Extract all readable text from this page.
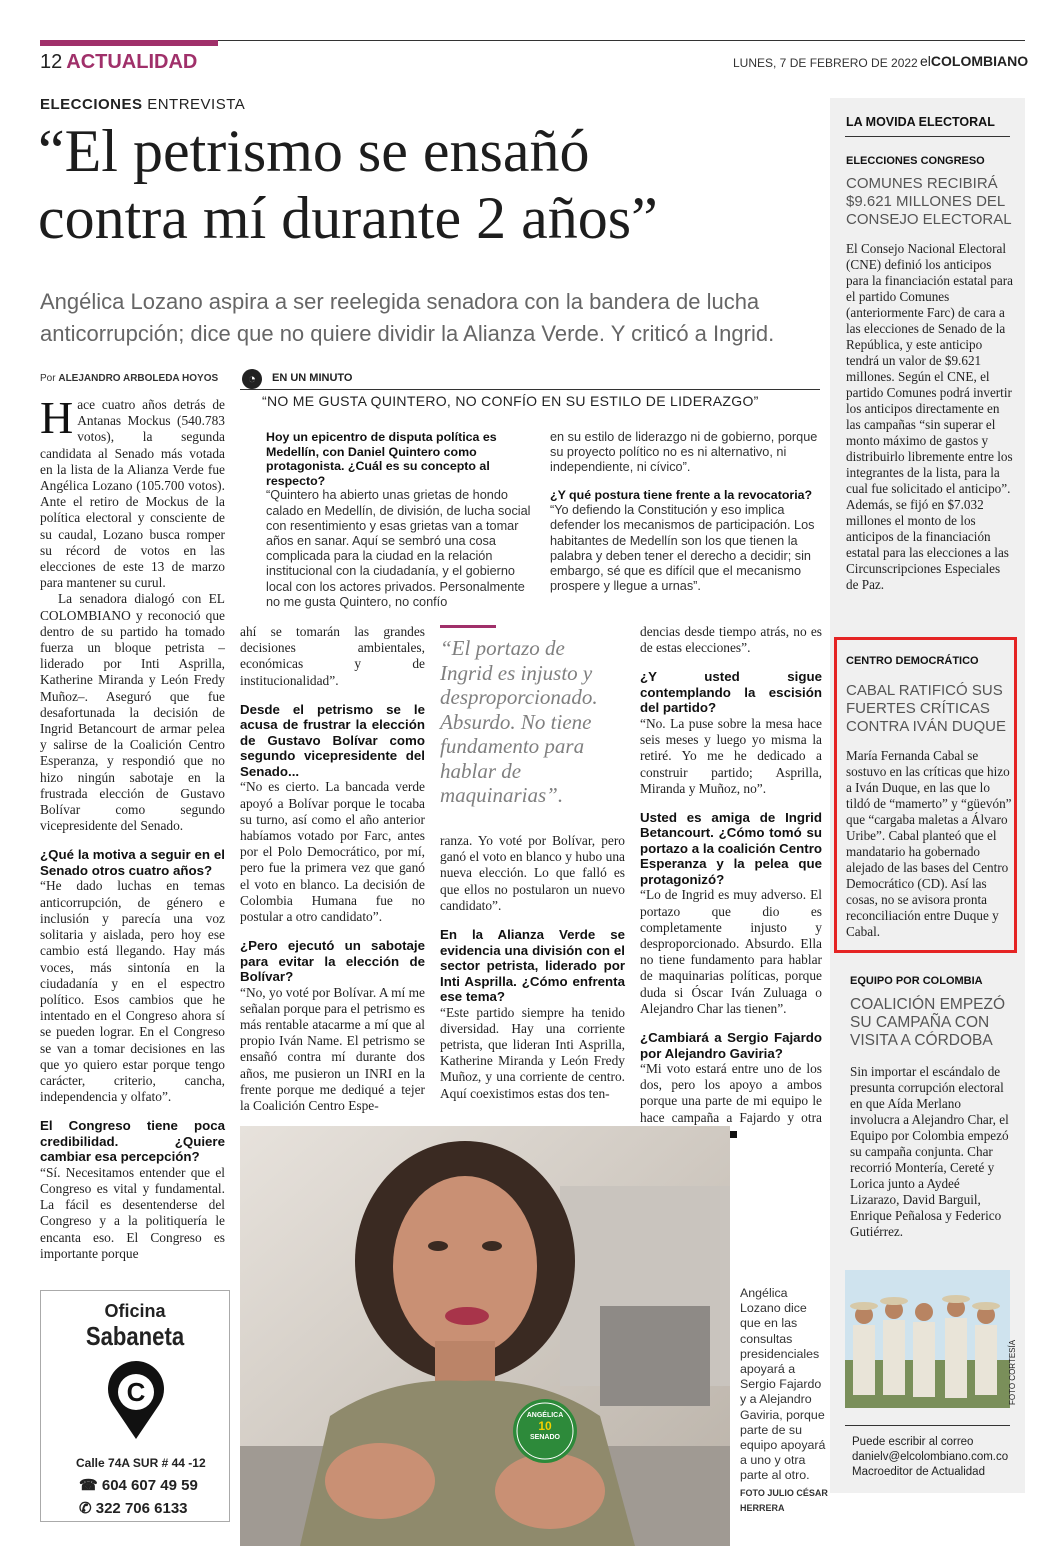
12 ACTUALIDAD	LUNES, 7 DE FEBRERO DE 2022 elCOLOMBIANO
ELECCIONES ENTREVISTA
“El petrismo se ensañó
contra mí durante 2 años”
Angélica Lozano aspira a ser reelegida senadora con la bandera de lucha anticorrupción; dice que no quiere dividir la Alianza Verde. Y criticó a Ingrid.
Por ALEJANDRO ARBOLEDA HOYOS

Hace cuatro años detrás de Antanas Mockus (540.783 votos), la segunda candidata al Senado más votada en la lista de la Alianza Verde fue Angélica Lozano (105.700 votos). Ante el retiro de Mockus de la política electoral y consciente de su caudal, Lozano busca romper su récord de votos en las elecciones de este 13 de marzo para mantener su curul.

La senadora dialogó con EL COLOMBIANO y reconoció que dentro de su partido ha tomado fuerza un bloque petrista –liderado por Inti Asprilla, Katherine Miranda y León Fredy Muñoz–. Aseguró que fue desafortunada la decisión de Ingrid Betancourt de armar pelea y salirse de la Coalición Centro Esperanza, y respondió que no hizo ningún sabotaje en la frustrada elección de Gustavo Bolívar como segundo vicepresidente del Senado.

¿Qué la motiva a seguir en el Senado otros cuatro años?

“He dado luchas en temas anticorrupción, de género e inclusión y parecía una voz solitaria y aislada, pero hoy ese cambio está llegando. Hay más voces, más sintonía en la ciudadanía y en el espectro político. Esos cambios que he intentado en el Congreso ahora sí se pueden lograr. En el Congreso se van a tomar decisiones en las que yo quiero estar porque tengo carácter, criterio, cancha, independencia y olfato”.

El Congreso tiene poca credibilidad. ¿Quiere cambiar esa percepción?

“Sí. Necesitamos entender que el Congreso es vital y fundamental. La fácil es desentenderse del Congreso y a la politiquería le encanta eso. El Congreso es importante porque

◔	EN UN MINUTO
“NO ME GUSTA QUINTERO, NO CONFÍO EN SU ESTILO DE LIDERAZGO”

Hoy un epicentro de disputa política es Medellín, con Daniel Quintero como protagonista. ¿Cuál es su concepto al respecto?

“Quintero ha abierto unas grietas de hondo calado en Medellín, de división, de lucha social con resentimiento y esas grietas van a tomar años en sanar. Aquí se sembró una cosa complicada para la ciudad en la relación institucional con la ciudadanía, y el gobierno local con los actores privados. Personalmente no me gusta Quintero, no confío

en su estilo de liderazgo ni de gobierno, porque su proyecto político no es ni alternativo, ni independiente, ni cívico”.

¿Y qué postura tiene frente a la revocatoria?

“Yo defiendo la Constitución y eso implica defender los mecanismos de participación. Los habitantes de Medellín son los que tienen la palabra y deben tener el derecho a decidir; sin embargo, sé que es difícil que el mecanismo prospere y llegue a urnas”.

ahí se tomarán las grandes decisiones ambientales, económicas y de institucionalidad”.

Desde el petrismo se le acusa de frustrar la elección de Gustavo Bolívar como segundo vicepresidente del Senado...

“No es cierto. La bancada verde apoyó a Bolívar porque le tocaba su turno, así como el año anterior habíamos votado por Farc, antes por el Polo Democrático, por mí, pero fue la primera vez que ganó el voto en blanco. La decisión de Colombia Humana fue no postular a otro candidato”.

¿Pero ejecutó un sabotaje para evitar la elección de Bolívar?

“No, yo voté por Bolívar. A mí me señalan porque para el petrismo es más rentable atacarme a mí que al propio Iván Name. El petrismo se ensañó contra mí durante dos años, me pusieron un INRI en la frente porque me dediqué a tejer la Coalición Centro Espe-

“El portazo de Ingrid es injusto y desproporcionado. Absurdo. No tiene fundamento para hablar de maquinarias”.

ranza. Yo voté por Bolívar, pero ganó el voto en blanco y hubo una nueva elección. Lo que falló es que ellos no postularon un nuevo candidato”.

En la Alianza Verde se evidencia una división con el sector petrista, liderado por Inti Asprilla. ¿Cómo enfrenta ese tema?

“Este partido siempre ha tenido diversidad. Hay una corriente petrista, que lideran Inti Asprilla, Katherine Miranda y León Fredy Muñoz, y una corriente de centro. Aquí coexistimos estas dos ten-

dencias desde tiempo atrás, no es de estas elecciones”.

¿Y usted sigue contemplando la escisión del partido?

“No. La puse sobre la mesa hace seis meses y luego yo misma la retiré. Yo me he dedicado a construir partido; Asprilla, Miranda y Muñoz, no”.

Usted es amiga de Ingrid Betancourt. ¿Cómo tomó su portazo a la coalición Centro Esperanza y la pelea que protagonizó?

“Lo de Ingrid es muy adverso. El portazo que dio es completamente injusto y desproporcionado. Absurdo. Ella no tiene fundamento para hablar de maquinarias políticas, porque duda si Óscar Iván Zuluaga o Alejandro Char las tienen”.

¿Cambiará a Sergio Fajardo por Alejandro Gaviria?

“Mi voto estará entre uno de los dos, pero los apoyo a ambos porque una parte de mi equipo le hace campaña a Fajardo y otra

ANGÉLICA
10
SENADO

Angélica Lozano dice que en las consultas presidenciales apoyará a Sergio Fajardo y a Alejandro Gaviria, porque parte de su equipo apoyará a uno y otra parte al otro.

FOTO JULIO CÉSAR HERRERA

Oficina
Sabaneta
C
Calle 74A SUR # 44 -12
☎ 604 607 49 59
✆ 322 706 6133
LA MOVIDA ELECTORAL
ELECCIONES CONGRESO
COMUNES RECIBIRÁ $9.621 MILLONES DEL CONSEJO ELECTORAL
El Consejo Nacional Electoral (CNE) definió los anticipos para la financiación estatal para el partido Comunes (anteriormente Farc) de cara a las elecciones de Senado de la República, y este anticipo tendrá un valor de $9.621 millones. Según el CNE, el partido Comunes podrá invertir los anticipos directamente en las campañas “sin superar el monto máximo de gastos y distribuirlo libremente entre los integrantes de la lista, para la cual fue solicitado el anticipo”. Además, se fijó en $7.032 millones el monto de los anticipos de la financiación estatal para las elecciones a las Circunscripciones Especiales de Paz.
CENTRO DEMOCRÁTICO
CABAL RATIFICÓ SUS FUERTES CRÍTICAS CONTRA IVÁN DUQUE
María Fernanda Cabal se sostuvo en las críticas que hizo a Iván Duque, en las que lo tildó de “mamerto” y “güevón” que “cargaba maletas a Álvaro Uribe”. Cabal planteó que el mandatario ha gobernado alejado de las bases del Centro Democrático (CD). Así las cosas, no se avisora pronta reconciliación entre Duque y Cabal.
EQUIPO POR COLOMBIA
COALICIÓN EMPEZÓ SU CAMPAÑA CON VISITA A CÓRDOBA
Sin importar el escándalo de presunta corrupción electoral en que Aída Merlano involucra a Alejandro Char, el Equipo por Colombia empezó su campaña conjunta. Char recorrió Montería, Cereté y Lorica junto a Aydeé Lizarazo, David Barguil, Enrique Peñalosa y Federico Gutiérrez.
FOTO CORTESÍA
Puede escribir al correo
danielv@elcolombiano.com.co
Macroeditor de Actualidad
